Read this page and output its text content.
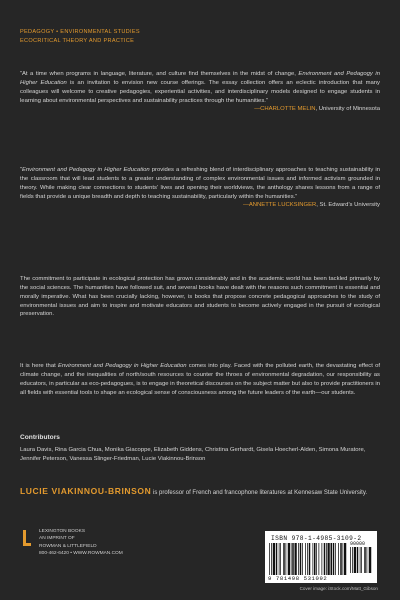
PEDAGOGY • ENVIRONMENTAL STUDIES
ECOCRITICAL THEORY AND PRACTICE

“At a time when programs in language, literature, and culture find themselves in the midst of change, Environment and Pedagogy in Higher Education is an invitation to envision new course offerings. The essay collection offers an eclectic introduction that many colleagues will welcome to creative pedagogies, experiential activities, and interdisciplinary models designed to engage students in learning about environmental perspectives and sustainability practices through the humanities.”

—CHARLOTTE MELIN, University of Minnesota

“Environment and Pedagogy in Higher Education provides a refreshing blend of interdisciplinary approaches to teaching sustainability in the classroom that will lead students to a greater understanding of complex environmental issues and informed activism grounded in theory. While making clear connections to students’ lives and opening their worldviews, the anthology shares lessons from a range of fields that provide a unique breadth and depth to teaching sustainability, particularly within the humanities.”

—ANNETTE LUCKSINGER, St. Edward’s University

The commitment to participate in ecological protection has grown considerably and in the academic world has been tackled primarily by the social sciences. The humanities have followed suit, and several books have dealt with the reasons such commitment is essential and morally imperative. What has been crucially lacking, however, is books that propose concrete pedagogical approaches to the study of environmental issues and aim to inspire and motivate educators and students to become actively engaged in the pursuit of ecological preservation.

It is here that Environment and Pedagogy in Higher Education comes into play. Faced with the polluted earth, the devastating effect of climate change, and the inequalities of north/south resources to counter the throes of environmental degradation, our responsibility as educators, in particular as eco-pedagogues, is to engage in theoretical discourses on the subject matter but also to provide practitioners in all fields with essential tools to shape an ecological sense of consciousness among the future leaders of the earth—our students.

Contributors
Laura Davis, Rina Garcia Chua, Monika Giacoppe, Elizabeth Giddens, Christina Gerhardt, Gisela Hoecherl-Alden, Simona Muratore, Jennifer Peterson, Vanessa Slinger-Friedman, Lucie Viakinnou-Brinson
LUCIE VIAKINNOU-BRINSON is professor of French and francophone literatures at Kennesaw State University.
LEXINGTON BOOKS
AN IMPRINT OF
ROWMAN & LITTLEFIELD
800-462-6420 • WWW.ROWMAN.COM
ISBN 978-1-4985-3109-2
90000
9 781498 531092
Cover image: iStock.com/Matt_Gibson
